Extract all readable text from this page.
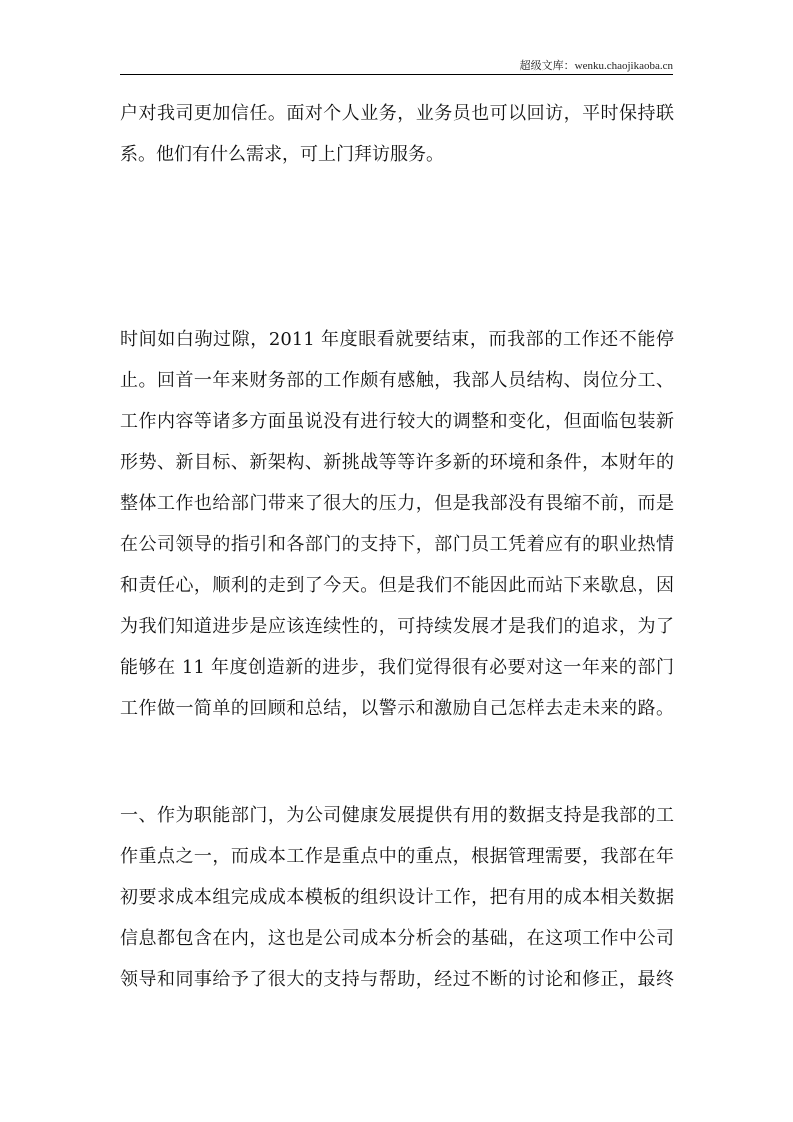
超级文库：wenku.chaojikaoba.cn
户对我司更加信任。面对个人业务，业务员也可以回访，平时保持联
系。他们有什么需求，可上门拜访服务。
时间如白驹过隙，2011 年度眼看就要结束，而我部的工作还不能停
止。回首一年来财务部的工作颇有感触，我部人员结构、岗位分工、
工作内容等诸多方面虽说没有进行较大的调整和变化，但面临包装新
形势、新目标、新架构、新挑战等等许多新的环境和条件，本财年的
整体工作也给部门带来了很大的压力，但是我部没有畏缩不前，而是
在公司领导的指引和各部门的支持下，部门员工凭着应有的职业热情
和责任心，顺利的走到了今天。但是我们不能因此而站下来歇息，因
为我们知道进步是应该连续性的，可持续发展才是我们的追求，为了
能够在 11 年度创造新的进步，我们觉得很有必要对这一年来的部门
工作做一简单的回顾和总结，以警示和激励自己怎样去走未来的路。
一、作为职能部门，为公司健康发展提供有用的数据支持是我部的工
作重点之一，而成本工作是重点中的重点，根据管理需要，我部在年
初要求成本组完成成本模板的组织设计工作，把有用的成本相关数据
信息都包含在内，这也是公司成本分析会的基础，在这项工作中公司
领导和同事给予了很大的支持与帮助，经过不断的讨论和修正，最终
